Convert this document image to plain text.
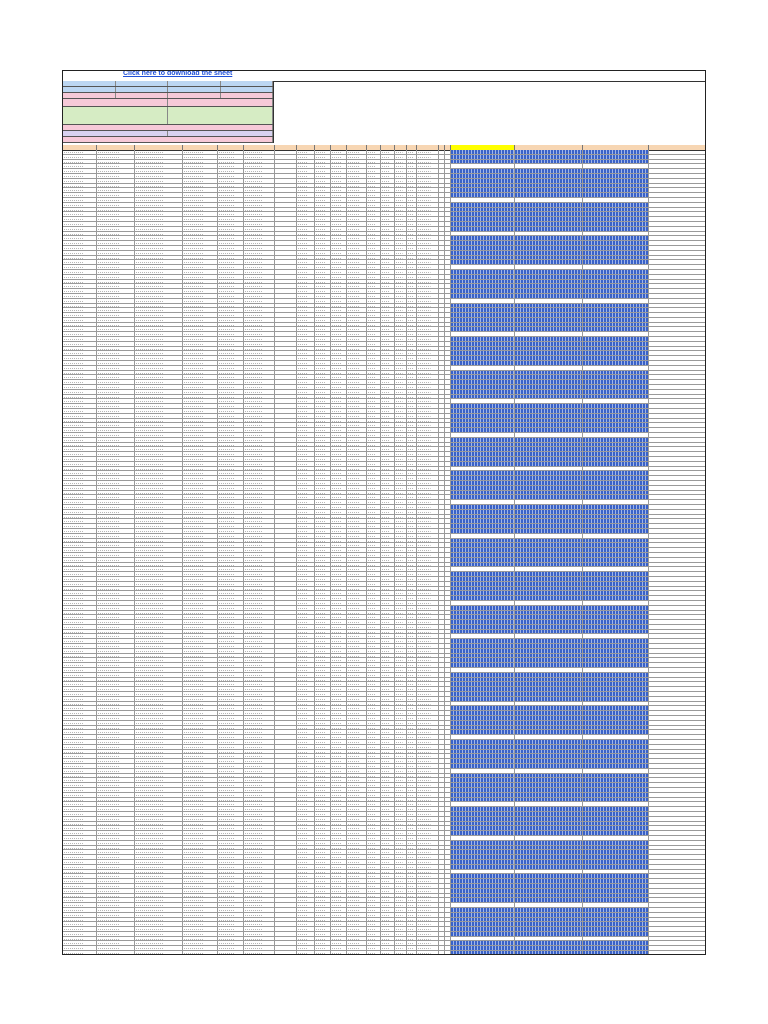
Click here to download the sheet
